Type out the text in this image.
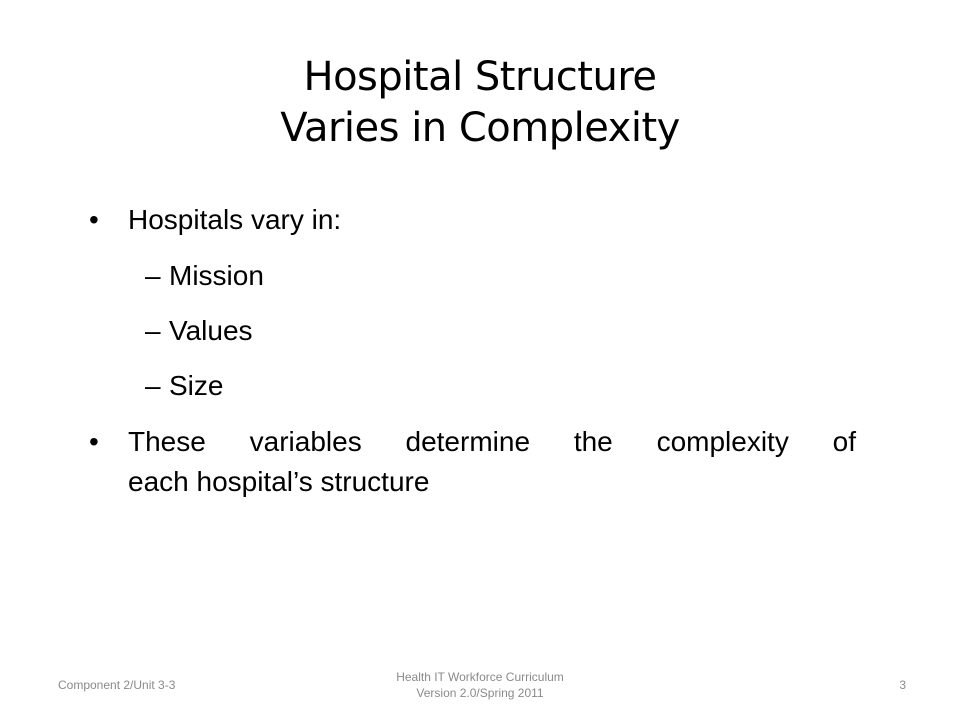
Hospital Structure
Varies in Complexity
• Hospitals vary in:
– Mission
– Values
– Size
• These variables determine the complexity of
each hospital’s structure
Component 2/Unit 3-3
Health IT Workforce Curriculum
Version 2.0/Spring 2011
3
